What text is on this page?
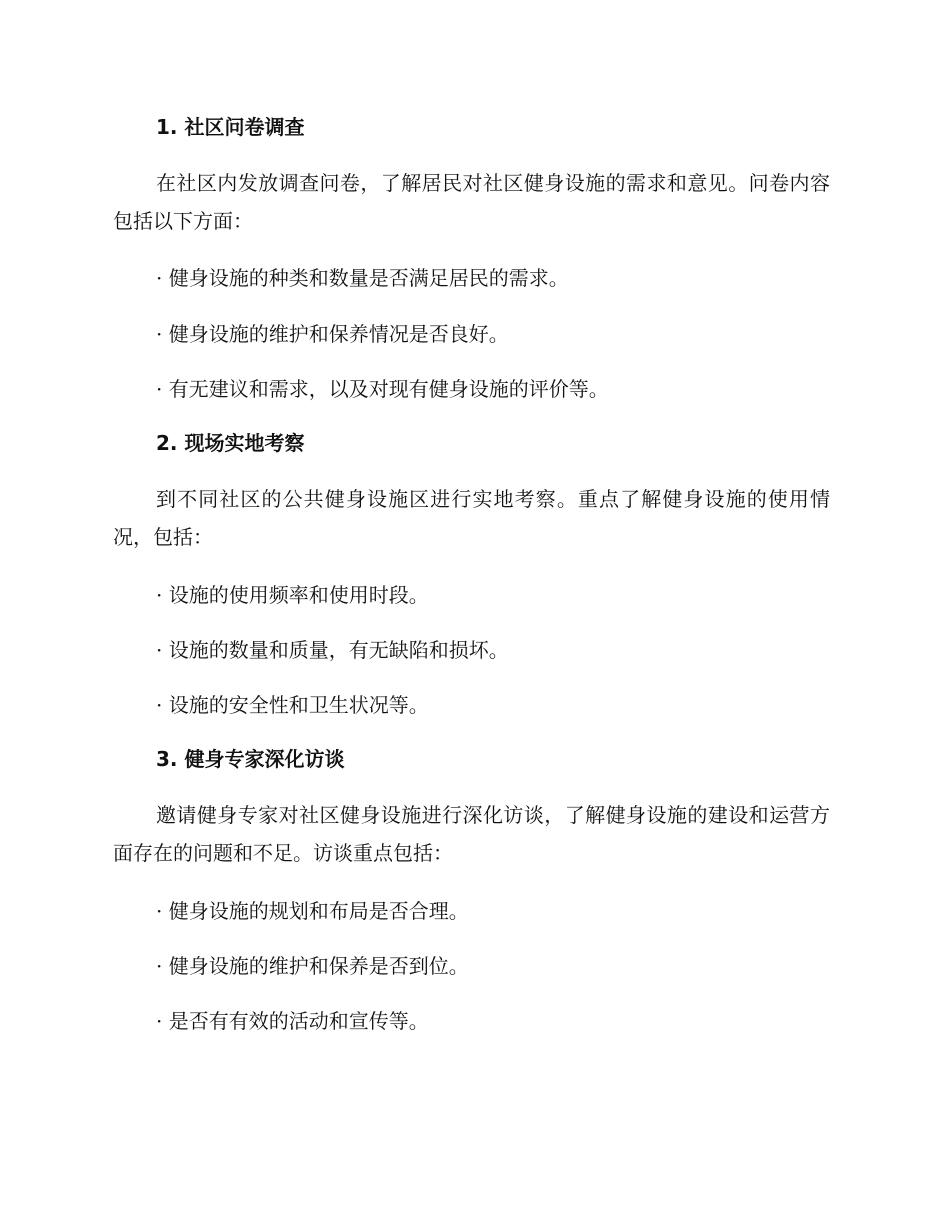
1. 社区问卷调查

在社区内发放调查问卷，了解居民对社区健身设施的需求和意见。问卷内容包括以下方面：

· 健身设施的种类和数量是否满足居民的需求。
· 健身设施的维护和保养情况是否良好。
· 有无建议和需求，以及对现有健身设施的评价等。
2. 现场实地考察

到不同社区的公共健身设施区进行实地考察。重点了解健身设施的使用情况，包括：

· 设施的使用频率和使用时段。
· 设施的数量和质量，有无缺陷和损坏。
· 设施的安全性和卫生状况等。
3. 健身专家深化访谈

邀请健身专家对社区健身设施进行深化访谈，了解健身设施的建设和运营方面存在的问题和不足。访谈重点包括：

· 健身设施的规划和布局是否合理。
· 健身设施的维护和保养是否到位。
· 是否有有效的活动和宣传等。
